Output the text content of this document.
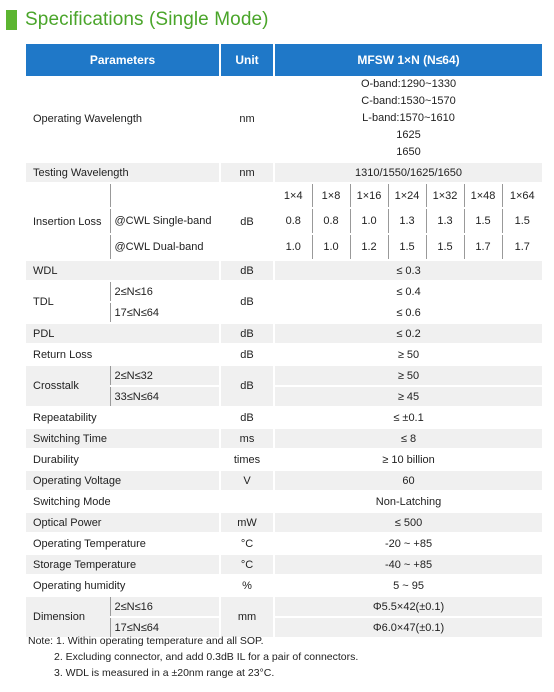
Specifications (Single Mode)
Parameters		Unit	MFSW 1×N (N≤64)						
Operating Wavelength		nm	O-band:1290~1330
C-band:1530~1570
L-band:1570~1610
1625
1650						

Testing Wavelength		nm	1310/1550/1625/1650						
Insertion Loss		dB	1×4	1×8	1×16	1×24	1×32	1×48	1×64
	@CWL Single-band		0.8	0.8	1.0	1.3	1.3	1.5	1.5
	@CWL Dual-band		1.0	1.0	1.2	1.5	1.5	1.7	1.7
WDL		dB	≤ 0.3						
TDL	2≤N≤16	dB	≤ 0.4						
	17≤N≤64		≤ 0.6						
PDL		dB	≤ 0.2						
Return Loss		dB	≥ 50						
Crosstalk	2≤N≤32	dB	≥ 50						
	33≤N≤64		≥ 45						
Repeatability		dB	≤ ±0.1						
Switching Time		ms	≤ 8						
Durability		times	≥ 10 billion						
Operating Voltage		V	60						
Switching Mode			Non-Latching						
Optical Power		mW	≤ 500						
Operating Temperature		°C	-20 ~ +85						
Storage Temperature		°C	-40 ~ +85						
Operating humidity		%	5 ~ 95						
Dimension	2≤N≤16	mm	Φ5.5×42(±0.1)						
	17≤N≤64		Φ6.0×47(±0.1)						
Note: 1. Within operating temperature and all SOP.
2. Excluding connector, and add 0.3dB IL for a pair of connectors.
3. WDL is measured in a ±20nm range at 23°C.
